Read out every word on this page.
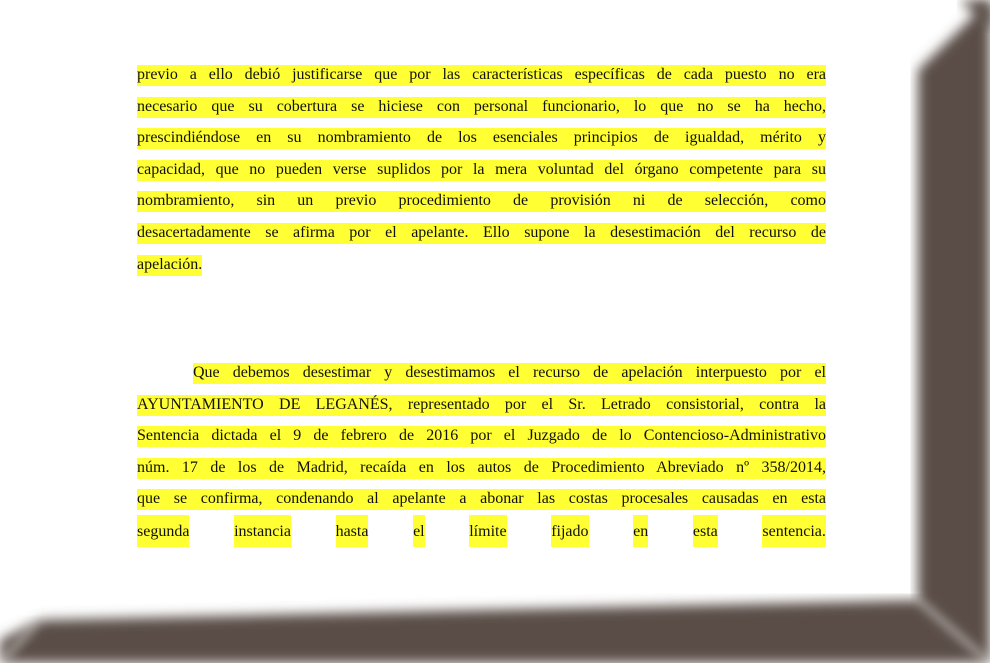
previo a ello debió justificarse que por las características específicas de cada puesto no era
necesario que su cobertura se hiciese con personal funcionario, lo que no se ha hecho,
prescindiéndose en su nombramiento de los esenciales principios de igualdad, mérito y
capacidad, que no pueden verse suplidos por la mera voluntad del órgano competente para su
nombramiento, sin un previo procedimiento de provisión ni de selección, como
desacertadamente se afirma por el apelante. Ello supone la desestimación del recurso de
apelación.
Que debemos desestimar y desestimamos el recurso de apelación interpuesto por el
AYUNTAMIENTO DE LEGANÉS, representado por el Sr. Letrado consistorial, contra la
Sentencia dictada el 9 de febrero de 2016 por el Juzgado de lo Contencioso-Administrativo
núm. 17 de los de Madrid, recaída en los autos de Procedimiento Abreviado nº 358/2014,
que se confirma, condenando al apelante a abonar las costas procesales causadas en esta
segunda	instancia	hasta	el	límite	fijado	en	esta	sentencia.
